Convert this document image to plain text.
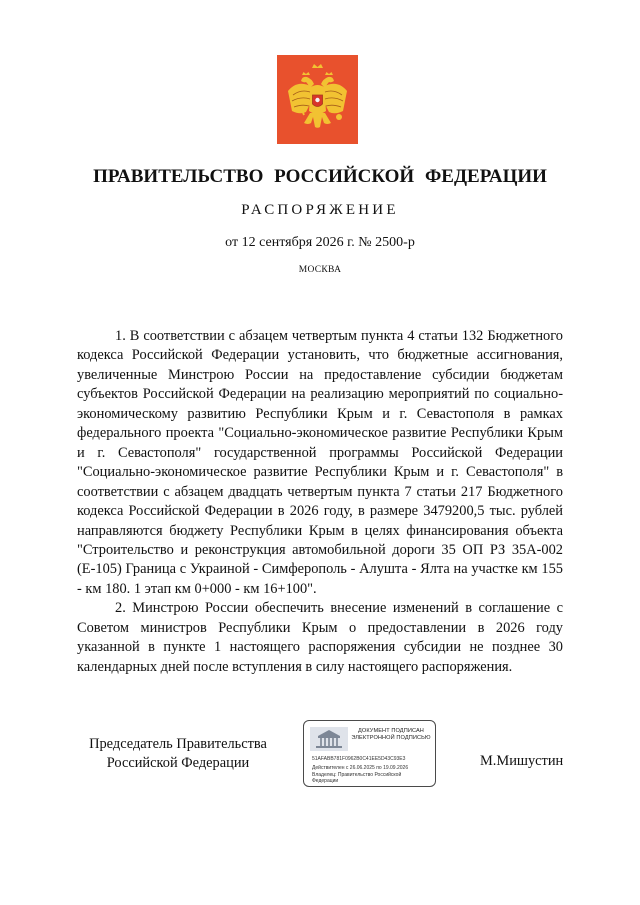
ПРАВИТЕЛЬСТВО РОССИЙСКОЙ ФЕДЕРАЦИИ
РАСПОРЯЖЕНИЕ
от 12 сентября 2026 г. № 2500-р
МОСКВА

1. В соответствии с абзацем четвертым пункта 4 статьи 132 Бюджетного кодекса Российской Федерации установить, что бюджетные ассигнования, увеличенные Минстрою России на предоставление субсидии бюджетам субъектов Российской Федерации на реализацию мероприятий по социально-экономическому развитию Республики Крым и г. Севастополя в рамках федерального проекта "Социально-экономическое развитие Республики Крым и г. Севастополя" государственной программы Российской Федерации "Социально-экономическое развитие Республики Крым и г. Севастополя" в соответствии с абзацем двадцать четвертым пункта 7 статьи 217 Бюджетного кодекса Российской Федерации в 2026 году, в размере 3479200,5 тыс. рублей направляются бюджету Республики Крым в целях финансирования объекта "Строительство и реконструкция автомобильной дороги 35 ОП РЗ 35А-002 (Е-105) Граница с Украиной - Симферополь - Алушта - Ялта на участке км 155 - км 180. 1 этап км 0+000 - км 16+100".

2. Минстрою России обеспечить внесение изменений в соглашение с Советом министров Республики Крым о предоставлении в 2026 году указанной в пункте 1 настоящего распоряжения субсидии не позднее 30 календарных дней после вступления в силу настоящего распоряжения.

Председатель Правительства
Российской Федерации
ДОКУМЕНТ ПОДПИСАН
ЭЛЕКТРОННОЙ ПОДПИСЬЮ
51AFABB781F0962B0C41EE5D43C93E3
Действителен с 26.06.2025 по 19.09.2026
Владелец: Правительство Российской
Федерации
М.Мишустин
